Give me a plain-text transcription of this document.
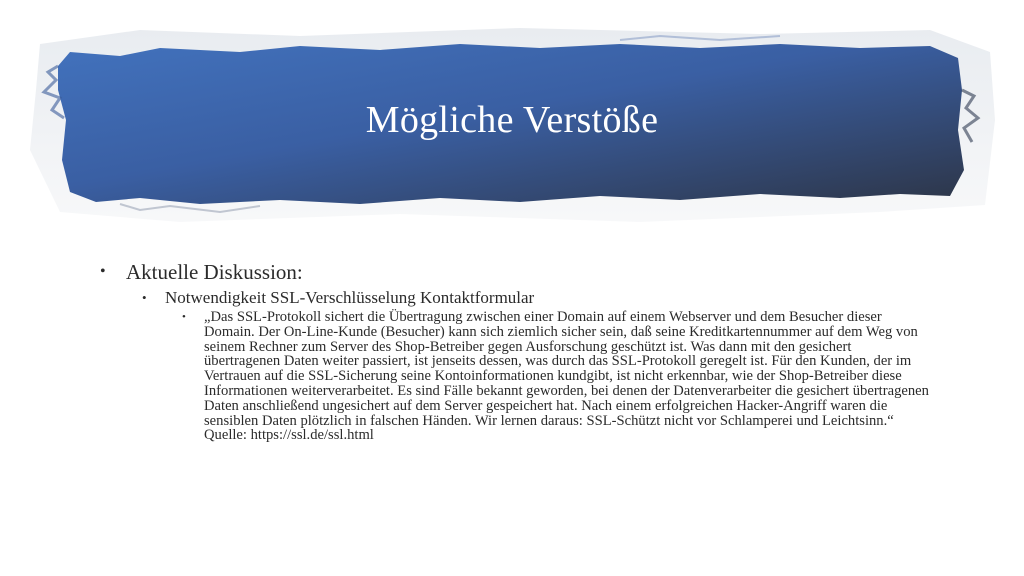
Mögliche Verstöße
• Aktuelle Diskussion:
• Notwendigkeit SSL-Verschlüsselung Kontaktformular
• „Das SSL-Protokoll sichert die Übertragung zwischen einer Domain auf einem Webserver und dem Besucher dieser Domain. Der On-Line-Kunde (Besucher) kann sich ziemlich sicher sein, daß seine Kreditkartennummer auf dem Weg von seinem Rechner zum Server des Shop-Betreiber gegen Ausforschung geschützt ist. Was dann mit den gesichert übertragenen Daten weiter passiert, ist jenseits dessen, was durch das SSL-Protokoll geregelt ist. Für den Kunden, der im Vertrauen auf die SSL-Sicherung seine Kontoinformationen kundgibt, ist nicht erkennbar, wie der Shop-Betreiber diese Informationen weiterverarbeitet. Es sind Fälle bekannt geworden, bei denen der Datenverarbeiter die gesichert übertragenen Daten anschließend ungesichert auf dem Server gespeichert hat. Nach einem erfolgreichen Hacker-Angriff waren die sensiblen Daten plötzlich in falschen Händen. Wir lernen daraus: SSL-Schützt nicht vor Schlamperei und Leichtsinn.“ Quelle: https://ssl.de/ssl.html
